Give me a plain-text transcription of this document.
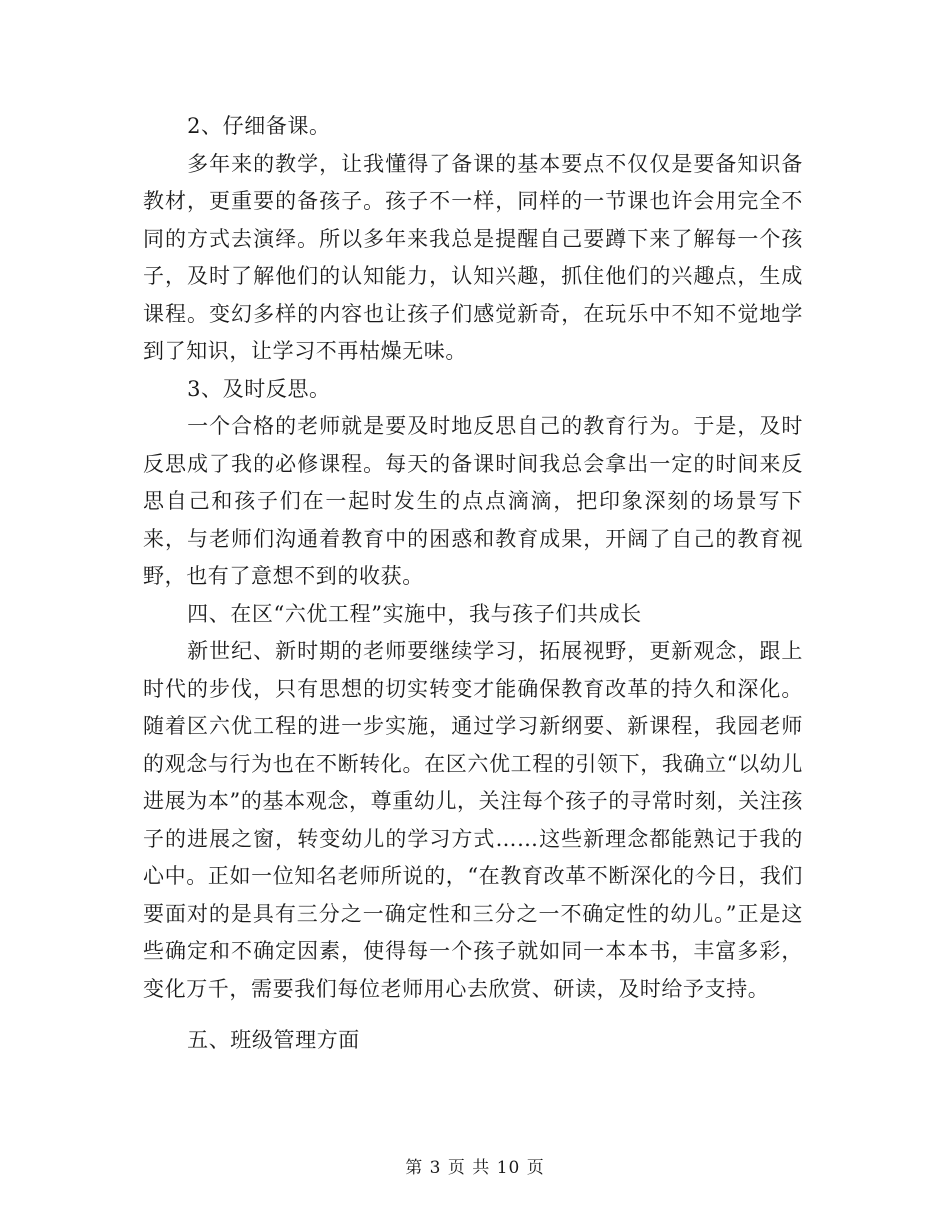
2、仔细备课。

多年来的教学，让我懂得了备课的基本要点不仅仅是要备知识备教材，更重要的备孩子。孩子不一样，同样的一节课也许会用完全不同的方式去演绎。所以多年来我总是提醒自己要蹲下来了解每一个孩子，及时了解他们的认知能力，认知兴趣，抓住他们的兴趣点，生成课程。变幻多样的内容也让孩子们感觉新奇，在玩乐中不知不觉地学到了知识，让学习不再枯燥无味。

3、及时反思。

一个合格的老师就是要及时地反思自己的教育行为。于是，及时反思成了我的必修课程。每天的备课时间我总会拿出一定的时间来反思自己和孩子们在一起时发生的点点滴滴，把印象深刻的场景写下来，与老师们沟通着教育中的困惑和教育成果，开阔了自己的教育视野，也有了意想不到的收获。

四、在区“六优工程”实施中，我与孩子们共成长

新世纪、新时期的老师要继续学习，拓展视野，更新观念，跟上时代的步伐，只有思想的切实转变才能确保教育改革的持久和深化。随着区六优工程的进一步实施，通过学习新纲要、新课程，我园老师的观念与行为也在不断转化。在区六优工程的引领下，我确立“以幼儿进展为本”的基本观念，尊重幼儿，关注每个孩子的寻常时刻，关注孩子的进展之窗，转变幼儿的学习方式……这些新理念都能熟记于我的心中。正如一位知名老师所说的，“在教育改革不断深化的今日，我们要面对的是具有三分之一确定性和三分之一不确定性的幼儿。”正是这些确定和不确定因素，使得每一个孩子就如同一本本书，丰富多彩，变化万千，需要我们每位老师用心去欣赏、研读，及时给予支持。

五、班级管理方面

第 3 页 共 10 页
